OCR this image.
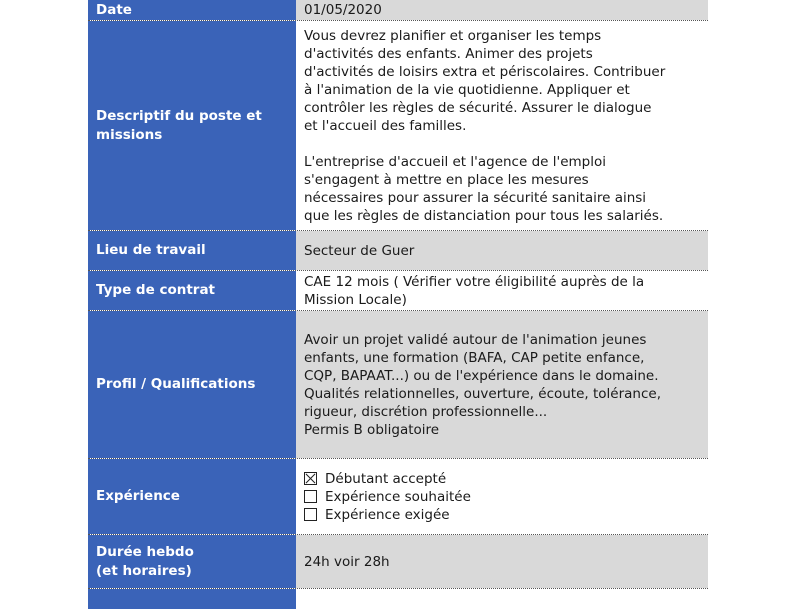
Date	01/05/2020
Descriptif du poste et missions
Vous devrez planifier et organiser les temps
d'activités des enfants. Animer des projets
d'activités de loisirs extra et périscolaires. Contribuer
à l'animation de la vie quotidienne. Appliquer et
contrôler les règles de sécurité. Assurer le dialogue
et l'accueil des familles.
L'entreprise d'accueil et l'agence de l'emploi
s'engagent à mettre en place les mesures
nécessaires pour assurer la sécurité sanitaire ainsi
que les règles de distanciation pour tous les salariés.
Lieu de travail	Secteur de Guer
Type de contrat
CAE 12 mois ( Vérifier votre éligibilité auprès de la
Mission Locale)
Profil / Qualifications
Avoir un projet validé autour de l'animation jeunes
enfants, une formation (BAFA, CAP petite enfance,
CQP, BAPAAT...) ou de l'expérience dans le domaine.
Qualités relationnelles, ouverture, écoute, tolérance,
rigueur, discrétion professionnelle...
Permis B obligatoire
Expérience
Débutant accepté
Expérience souhaitée
Expérience exigée
Durée hebdo
(et horaires)
24h voir 28h
